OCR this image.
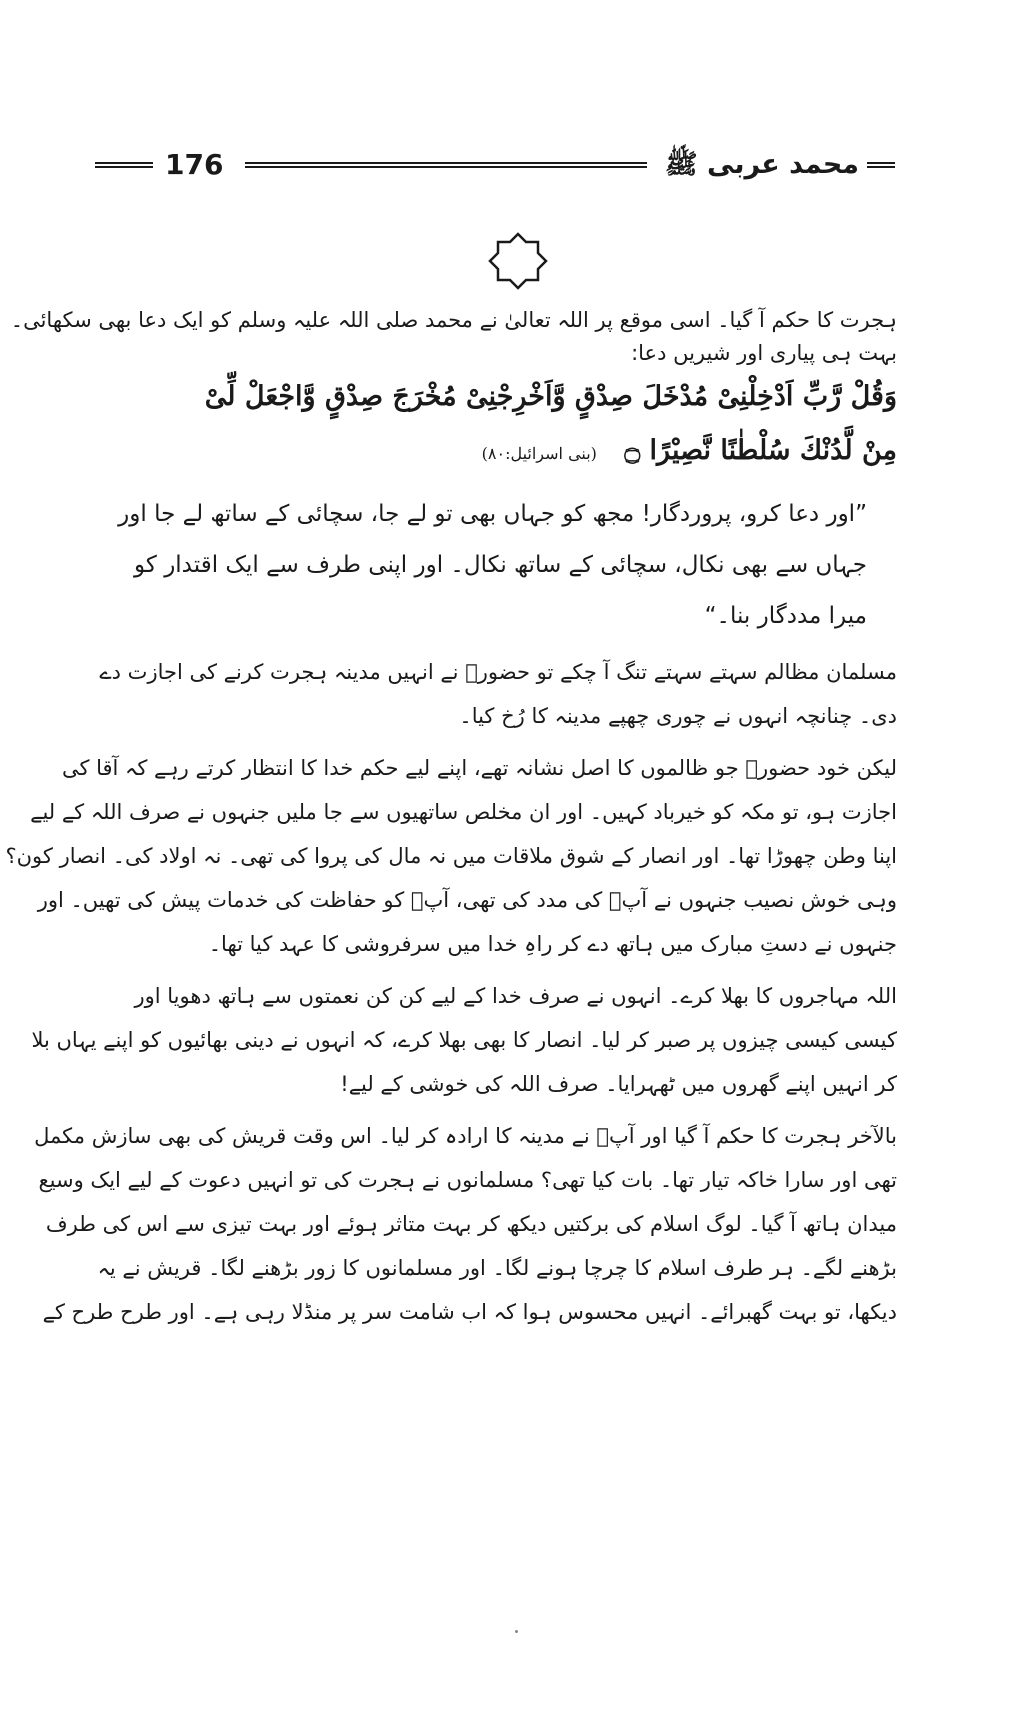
176	محمد عربی ﷺ
ہجرت کا حکم آ گیا۔ اسی موقع پر اللہ تعالیٰ نے محمد صلی اللہ علیہ وسلم کو ایک دعا بھی سکھائی۔
بہت ہی پیاری اور شیریں دعا:
وَقُلْ رَّبِّ اَدْخِلْنِیْ مُدْخَلَ صِدْقٍ وَّاَخْرِجْنِیْ مُخْرَجَ صِدْقٍ وَّاجْعَلْ لِّیْ
مِنْ لَّدُنْكَ سُلْطٰنًا نَّصِیْرًا ۝ (بنی اسرائیل:۸۰)
”اور دعا کرو، پروردگار! مجھ کو جہاں بھی تو لے جا، سچائی کے ساتھ لے جا اور
جہاں سے بھی نکال، سچائی کے ساتھ نکال۔ اور اپنی طرف سے ایک اقتدار کو
میرا مددگار بنا۔“
مسلمان مظالم سہتے سہتے تنگ آ چکے تو حضورؐ نے انہیں مدینہ ہجرت کرنے کی اجازت دے
دی۔ چنانچہ انہوں نے چوری چھپے مدینہ کا رُخ کیا۔
لیکن خود حضورؐ جو ظالموں کا اصل نشانہ تھے، اپنے لیے حکم خدا کا انتظار کرتے رہے کہ آقا کی
اجازت ہو، تو مکہ کو خیرباد کہیں۔ اور ان مخلص ساتھیوں سے جا ملیں جنہوں نے صرف اللہ کے لیے
اپنا وطن چھوڑا تھا۔ اور انصار کے شوق ملاقات میں نہ مال کی پروا کی تھی۔ نہ اولاد کی۔ انصار کون؟
وہی خوش نصیب جنہوں نے آپؐ کی مدد کی تھی، آپؐ کو حفاظت کی خدمات پیش کی تھیں۔ اور
جنہوں نے دستِ مبارک میں ہاتھ دے کر راہِ خدا میں سرفروشی کا عہد کیا تھا۔
اللہ مہاجروں کا بھلا کرے۔ انہوں نے صرف خدا کے لیے کن کن نعمتوں سے ہاتھ دھویا اور
کیسی کیسی چیزوں پر صبر کر لیا۔ انصار کا بھی بھلا کرے، کہ انہوں نے دینی بھائیوں کو اپنے یہاں بلا
کر انہیں اپنے گھروں میں ٹھہرایا۔ صرف اللہ کی خوشی کے لیے!
بالآخر ہجرت کا حکم آ گیا اور آپؐ نے مدینہ کا ارادہ کر لیا۔ اس وقت قریش کی بھی سازش مکمل
تھی اور سارا خاکہ تیار تھا۔ بات کیا تھی؟ مسلمانوں نے ہجرت کی تو انہیں دعوت کے لیے ایک وسیع
میدان ہاتھ آ گیا۔ لوگ اسلام کی برکتیں دیکھ کر بہت متاثر ہوئے اور بہت تیزی سے اس کی طرف
بڑھنے لگے۔ ہر طرف اسلام کا چرچا ہونے لگا۔ اور مسلمانوں کا زور بڑھنے لگا۔ قریش نے یہ
دیکھا، تو بہت گھبرائے۔ انہیں محسوس ہوا کہ اب شامت سر پر منڈلا رہی ہے۔ اور طرح طرح کے
